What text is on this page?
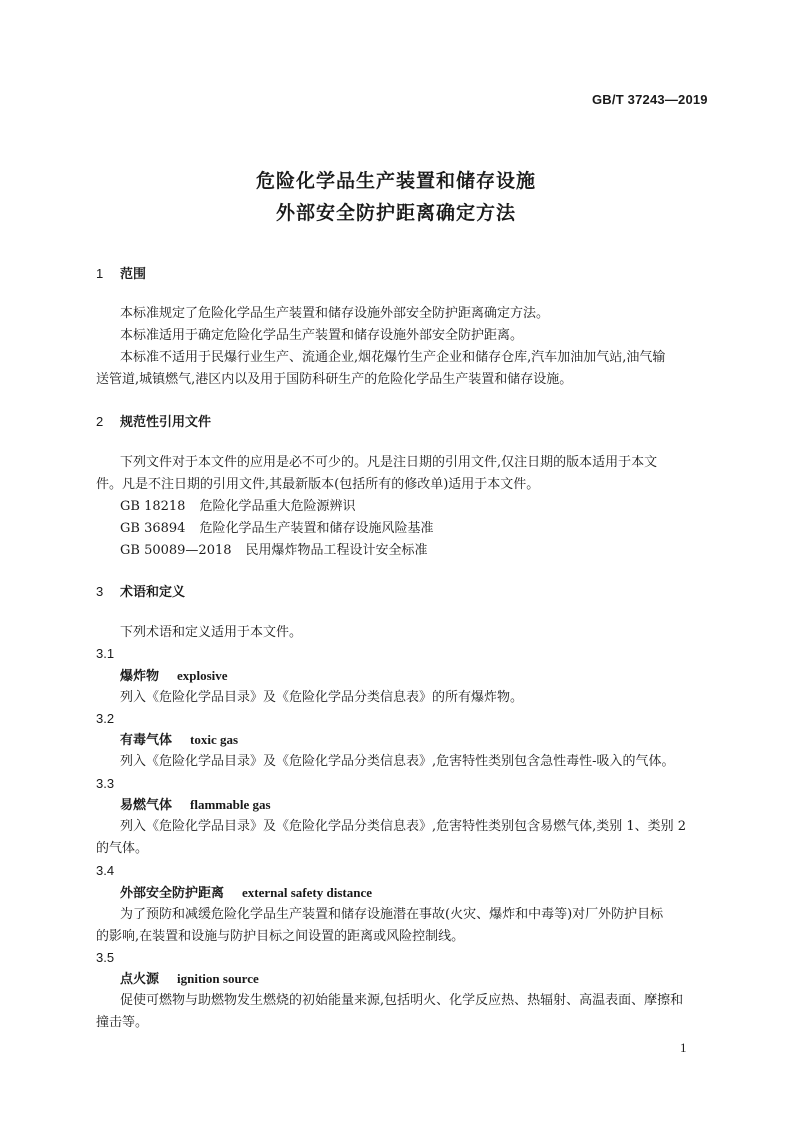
GB/T 37243—2019
危险化学品生产装置和储存设施
外部安全防护距离确定方法
1 范围
本标准规定了危险化学品生产装置和储存设施外部安全防护距离确定方法。
本标准适用于确定危险化学品生产装置和储存设施外部安全防护距离。
本标准不适用于民爆行业生产、流通企业,烟花爆竹生产企业和储存仓库,汽车加油加气站,油气输
送管道,城镇燃气,港区内以及用于国防科研生产的危险化学品生产装置和储存设施。
2 规范性引用文件
下列文件对于本文件的应用是必不可少的。凡是注日期的引用文件,仅注日期的版本适用于本文
件。凡是不注日期的引用文件,其最新版本(包括所有的修改单)适用于本文件。
GB 18218 危险化学品重大危险源辨识
GB 36894 危险化学品生产装置和储存设施风险基准
GB 50089—2018 民用爆炸物品工程设计安全标准
3 术语和定义
下列术语和定义适用于本文件。
3.1
爆炸物 explosive
列入《危险化学品目录》及《危险化学品分类信息表》的所有爆炸物。
3.2
有毒气体 toxic gas
列入《危险化学品目录》及《危险化学品分类信息表》,危害特性类别包含急性毒性-吸入的气体。
3.3
易燃气体 flammable gas
列入《危险化学品目录》及《危险化学品分类信息表》,危害特性类别包含易燃气体,类别 1、类别 2
的气体。
3.4
外部安全防护距离 external safety distance
为了预防和减缓危险化学品生产装置和储存设施潜在事故(火灾、爆炸和中毒等)对厂外防护目标
的影响,在装置和设施与防护目标之间设置的距离或风险控制线。
3.5
点火源 ignition source
促使可燃物与助燃物发生燃烧的初始能量来源,包括明火、化学反应热、热辐射、高温表面、摩擦和
撞击等。
1
